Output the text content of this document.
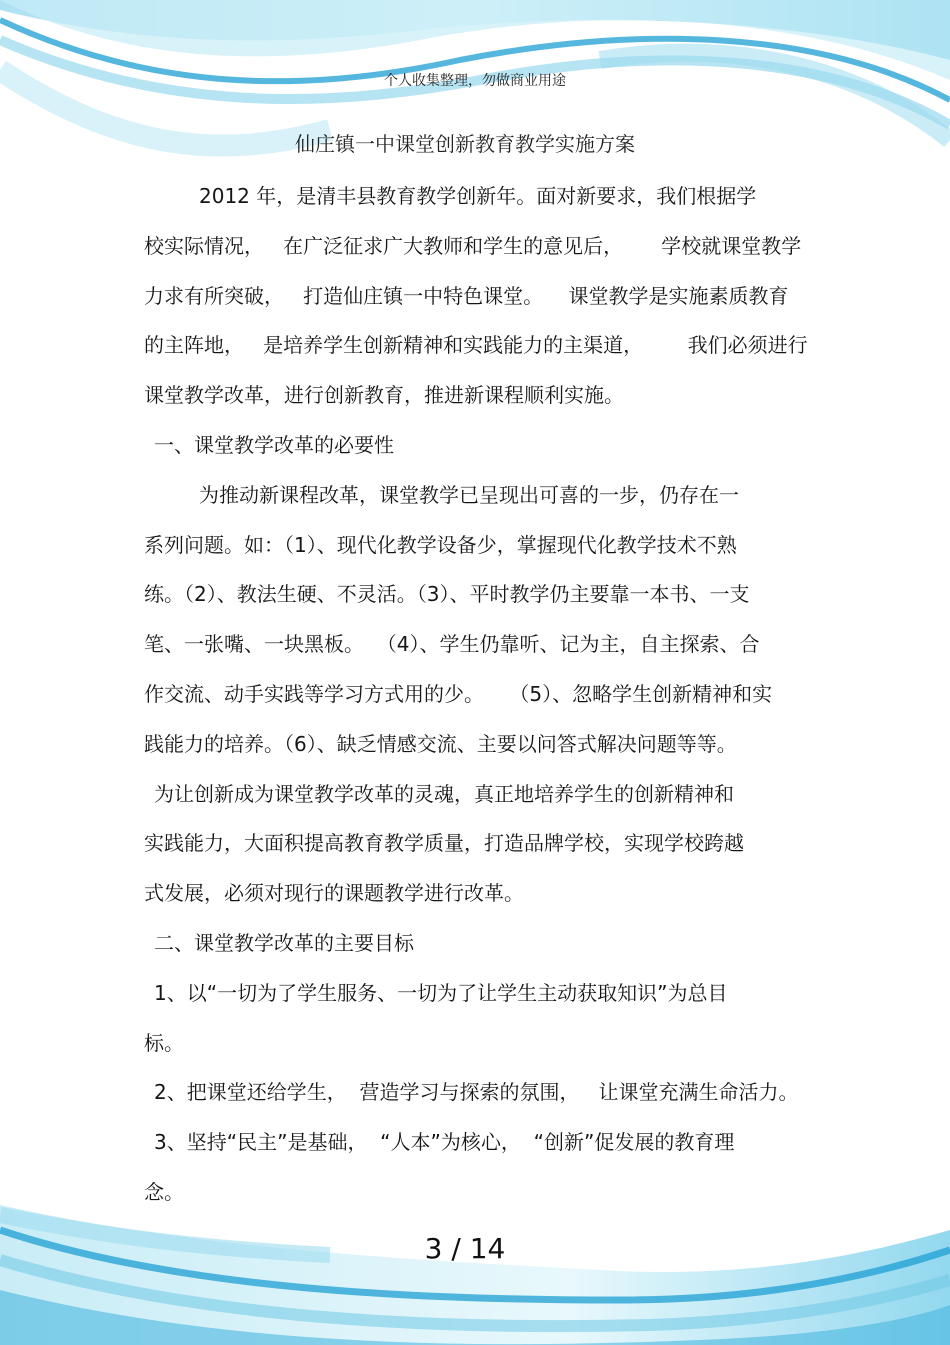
个人收集整理，勿做商业用途
仙庄镇一中课堂创新教育教学实施方案
2012 年，是清丰县教育教学创新年。面对新要求，我们根据学
校实际情况，   在广泛征求广大教师和学生的意见后，      学校就课堂教学
力求有所突破，   打造仙庄镇一中特色课堂。    课堂教学是实施素质教育
的主阵地，   是培养学生创新精神和实践能力的主渠道，       我们必须进行
课堂教学改革，进行创新教育，推进新课程顺利实施。
一、课堂教学改革的必要性
为推动新课程改革，课堂教学已呈现出可喜的一步，仍存在一
系列问题。如：（1）、现代化教学设备少，掌握现代化教学技术不熟
练。（2）、教法生硬、不灵活。（3）、平时教学仍主要靠一本书、一支
笔、一张嘴、一块黑板。  （4）、学生仍靠听、记为主，自主探索、合
作交流、动手实践等学习方式用的少。    （5）、忽略学生创新精神和实
践能力的培养。（6）、缺乏情感交流、主要以问答式解决问题等等。
为让创新成为课堂教学改革的灵魂，真正地培养学生的创新精神和
实践能力，大面积提高教育教学质量，打造品牌学校，实现学校跨越
式发展，必须对现行的课题教学进行改革。
二、课堂教学改革的主要目标
1、以“一切为了学生服务、一切为了让学生主动获取知识”为总目
标。
2、把课堂还给学生，  营造学习与探索的氛围，   让课堂充满生命活力。
3、坚持“民主”是基础，  “人本”为核心，  “创新”促发展的教育理
念。
3 / 14
